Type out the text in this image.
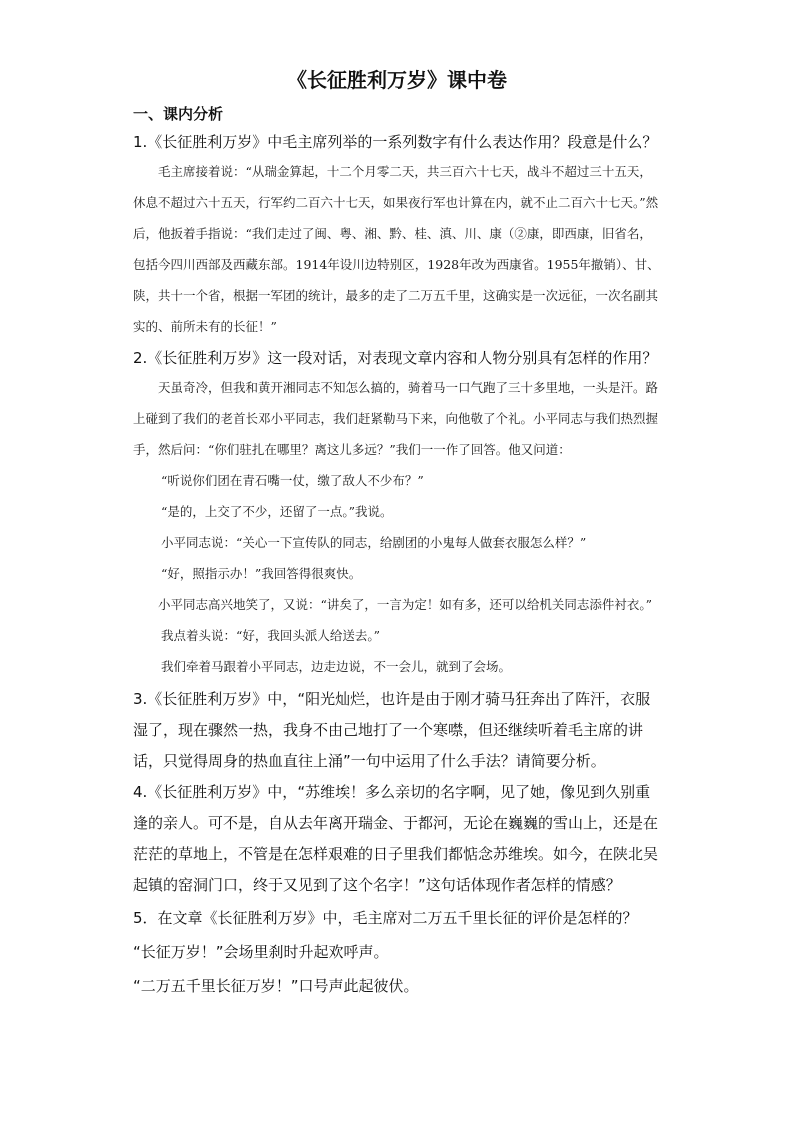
《长征胜利万岁》课中卷
一、课内分析

1.《长征胜利万岁》中毛主席列举的一系列数字有什么表达作用？段意是什么？

毛主席接着说：“从瑞金算起，十二个月零二天，共三百六十七天，战斗不超过三十五天，休息不超过六十五天，行军约二百六十七天，如果夜行军也计算在内，就不止二百六十七天。”然后，他扳着手指说：“我们走过了闽、粤、湘、黔、桂、滇、川、康（②康，即西康，旧省名，包括今四川西部及西藏东部。1914年设川边特别区，1928年改为西康省。1955年撤销）、甘、陕，共十一个省，根据一军团的统计，最多的走了二万五千里，这确实是一次远征，一次名副其实的、前所未有的长征！”

2.《长征胜利万岁》这一段对话，对表现文章内容和人物分别具有怎样的作用？

天虽奇冷，但我和黄开湘同志不知怎么搞的，骑着马一口气跑了三十多里地，一头是汗。路上碰到了我们的老首长邓小平同志，我们赶紧勒马下来，向他敬了个礼。小平同志与我们热烈握手，然后问：“你们驻扎在哪里？离这儿多远？”我们一一作了回答。他又问道：

“听说你们团在青石嘴一仗，缴了敌人不少布？”

“是的，上交了不少，还留了一点。”我说。

小平同志说：“关心一下宣传队的同志，给剧团的小鬼每人做套衣服怎么样？”

“好，照指示办！”我回答得很爽快。

小平同志高兴地笑了，又说：“讲矣了，一言为定！如有多，还可以给机关同志添件衬衣。”

我点着头说：“好，我回头派人给送去。”

我们牵着马跟着小平同志，边走边说，不一会儿，就到了会场。

3.《长征胜利万岁》中，“阳光灿烂，也许是由于刚才骑马狂奔出了阵汗，衣服湿了，现在骤然一热，我身不由己地打了一个寒噤，但还继续听着毛主席的讲话，只觉得周身的热血直往上涌”一句中运用了什么手法？请简要分析。

4.《长征胜利万岁》中，“苏维埃！多么亲切的名字啊，见了她，像见到久别重逢的亲人。可不是，自从去年离开瑞金、于都河，无论在巍巍的雪山上，还是在茫茫的草地上，不管是在怎样艰难的日子里我们都惦念苏维埃。如今，在陕北吴起镇的窑洞门口，终于又见到了这个名字！”这句话体现作者怎样的情感？

5．在文章《长征胜利万岁》中，毛主席对二万五千里长征的评价是怎样的？

“长征万岁！”会场里刹时升起欢呼声。

“二万五千里长征万岁！”口号声此起彼伏。
